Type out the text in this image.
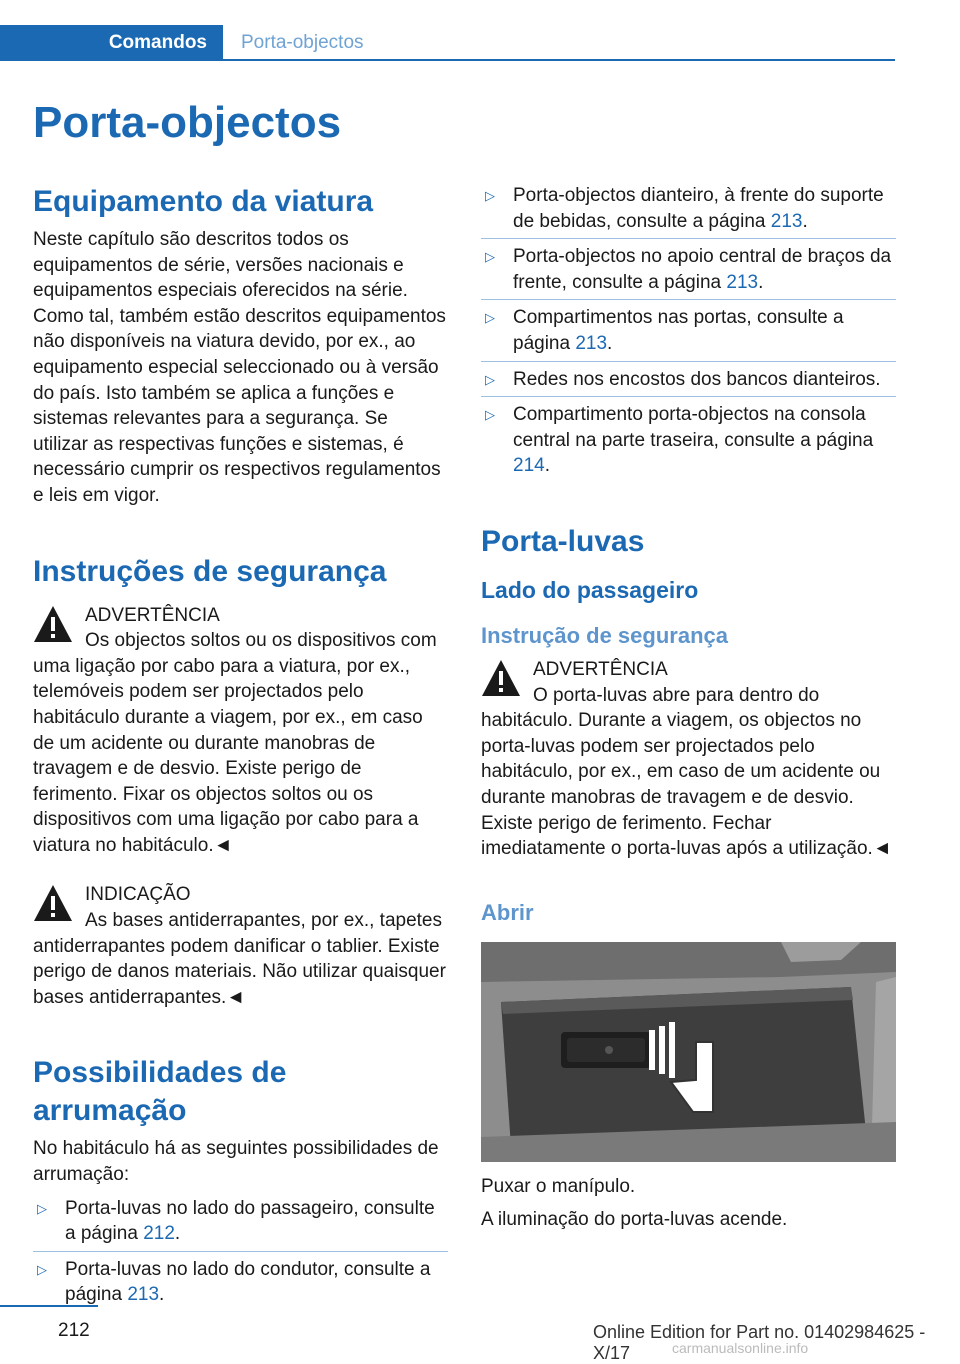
Comandos	Porta-objectos
Porta-objectos
Equipamento da viatura

Neste capítulo são descritos todos os equipamentos de série, versões nacionais e equipamentos especiais oferecidos na série. Como tal, também estão descritos equipamentos não disponíveis na viatura devido, por ex., ao equipamento especial seleccionado ou à versão do país. Isto também se aplica a funções e sistemas relevantes para a segurança. Se utilizar as respectivas funções e sistemas, é necessário cumprir os respectivos regulamentos e leis em vigor.

Instruções de segurança

ADVERTÊNCIA

Os objectos soltos ou os dispositivos com uma ligação por cabo para a viatura, por ex., telemóveis podem ser projectados pelo habitáculo durante a viagem, por ex., em caso de um acidente ou durante manobras de travagem e de desvio. Existe perigo de ferimento. Fixar os objectos soltos ou os dispositivos com uma ligação por cabo para a viatura no habitáculo.◄

INDICAÇÃO

As bases antiderrapantes, por ex., tapetes antiderrapantes podem danificar o tablier. Existe perigo de danos materiais. Não utilizar quaisquer bases antiderrapantes.◄

Possibilidades de arrumação

No habitáculo há as seguintes possibilidades de arrumação:

▷ Porta-luvas no lado do passageiro, consulte a página 212.
▷ Porta-luvas no lado do condutor, consulte a página 213.
▷ Porta-objectos dianteiro, à frente do suporte de bebidas, consulte a página 213.
▷ Porta-objectos no apoio central de braços da frente, consulte a página 213.
▷ Compartimentos nas portas, consulte a página 213.
▷ Redes nos encostos dos bancos dianteiros.
▷ Compartimento porta-objectos na consola central na parte traseira, consulte a página 214.
Porta-luvas
Lado do passageiro
Instrução de segurança

ADVERTÊNCIA

O porta-luvas abre para dentro do habitáculo. Durante a viagem, os objectos no porta-luvas podem ser projectados pelo habitáculo, por ex., em caso de um acidente ou durante manobras de travagem e de desvio. Existe perigo de ferimento. Fechar imediatamente o porta-luvas após a utilização.◄

Abrir

Puxar o manípulo.

A iluminação do porta-luvas acende.

212	Online Edition for Part no. 01402984625 - X/17	carmanualsonline.info
